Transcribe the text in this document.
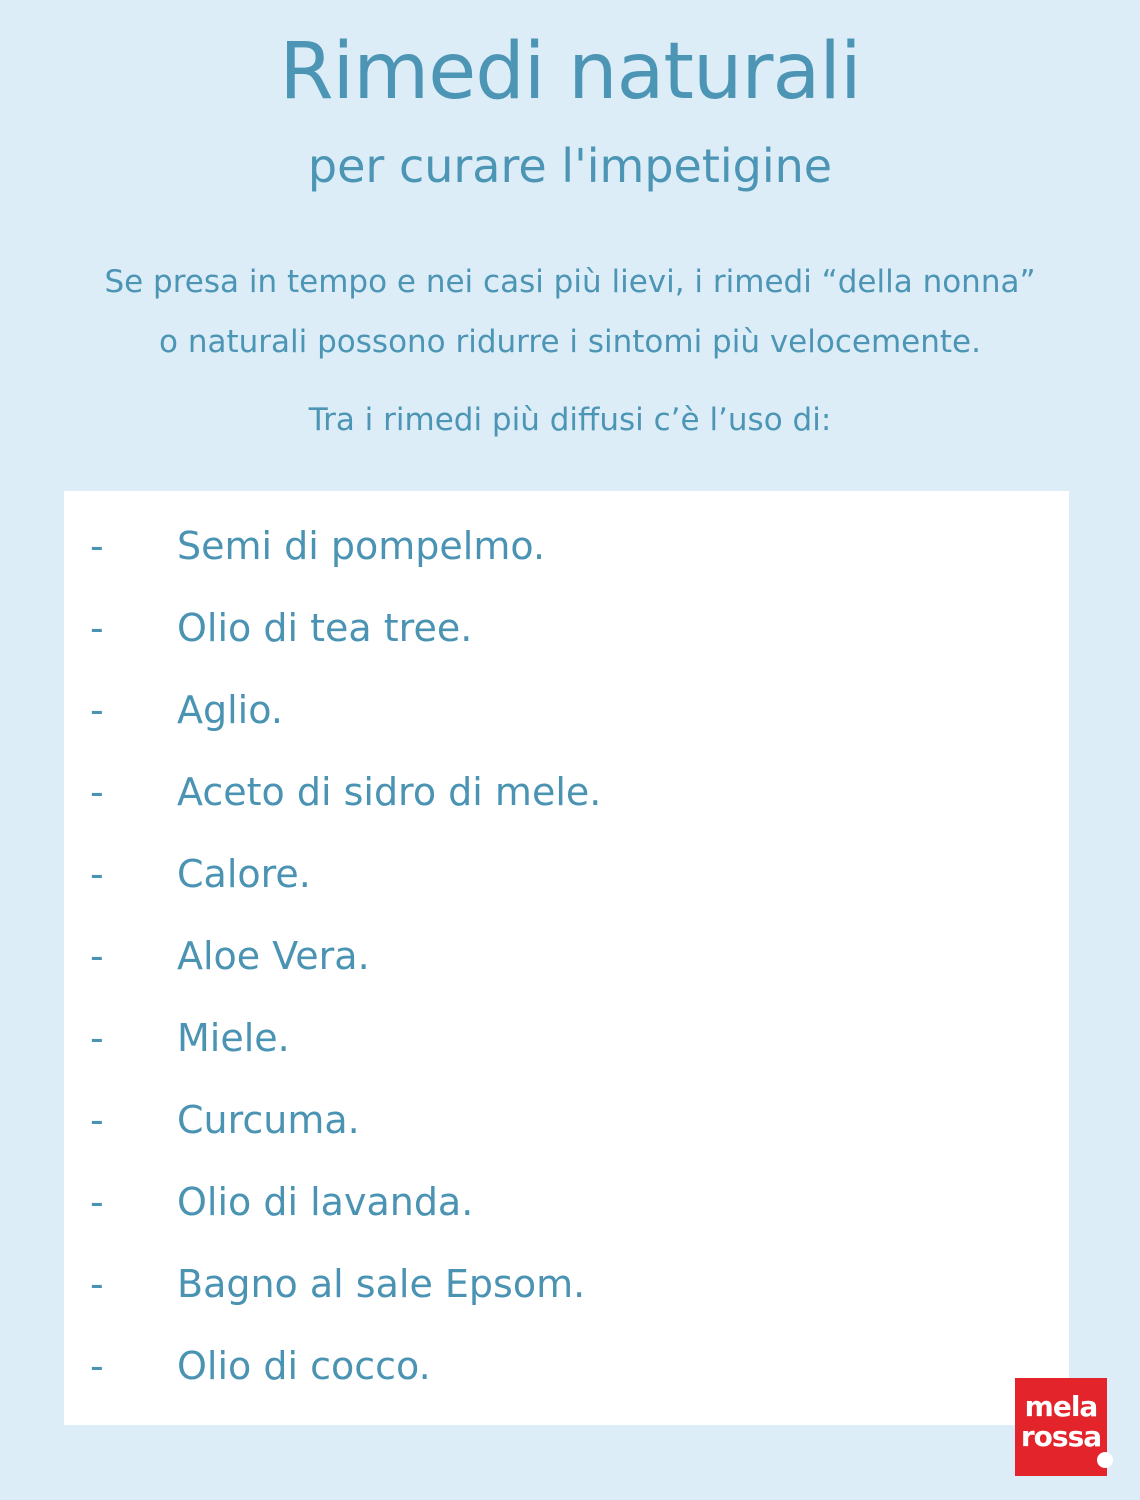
Rimedi naturali
per curare l'impetigine
Se presa in tempo e nei casi più lievi, i rimedi “della nonna”
o naturali possono ridurre i sintomi più velocemente.
Tra i rimedi più diffusi c’è l’uso di:
-	Semi di pompelmo.
-	Olio di tea tree.
-	Aglio.
-	Aceto di sidro di mele.
-	Calore.
-	Aloe Vera.
-	Miele.
-	Curcuma.
-	Olio di lavanda.
-	Bagno al sale Epsom.
-	Olio di cocco.
mela
rossa
